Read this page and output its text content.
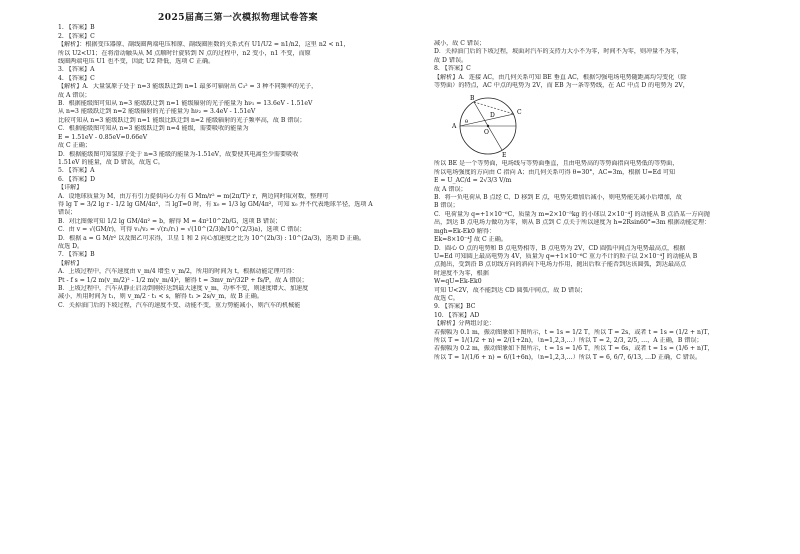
2025届高三第一次模拟物理试卷答案
1. 【答案】B
2. 【答案】C
【解析】：根据变压器原、副线圈两端电压和原、副线圈匝数的关系式有 U1/U2 = n1/n2，这里 n2 < n1，
所以 U2<U1；在将滑动触头从 M 点顺时针旋转到 N 点的过程中，n2 变小，n1 不变，而原
线圈两端电压 U1 也不变，因此 U2 降低，选项 C 正确。
3. 【答案】A
4. 【答案】C
【解析】A．大量氢原子处于 n=3 能级跃迁到 n=1 最多可辐射出 C₃² = 3 种不同频率的光子，
故 A 错误；
B．根据能级图可知从 n=3 能级跃迁到 n=1 能级辐射的光子能量为 hν₁ = 13.6eV - 1.51eV
从 n=3 能级跃迁到 n=2 能级辐射的光子能量为 hν₂ = 3.4eV - 1.51eV
比较可知从 n=3 能级跃迁到 n=1 能级比跃迁到 n=2 能级辐射的光子频率高，故 B 错误；
C．根据能级图可知从 n=3 能级跃迁到 n=4 能级，需要吸收的能量为
E = 1.51eV - 0.85eV=0.66eV
故 C 正确；
D．根据能级图可知氢原子处于 n=3 能级的能量为-1.51eV，故要使其电离至少需要吸收
1.51eV 的能量，故 D 错误，故选 C。
5. 【答案】A
6. 【答案】D
【详解】
A．设地球质量为 M，由万有引力提供向心力有 G Mm/r² = m(2π/T)² r，两边同时取对数，整理可
得 lg T = 3/2 lg r - 1/2 lg GM/4π²，当 lgT=0 时，有 x₀ = 1/3 lg GM/4π²，可知 x₀ 并不代表地球半径，选项 A
错误；
B．对比图像可知 1/2 lg GM/4π² = b，解得 M = 4π²10^2b/G，选项 B 错误；
C．由 v = √(GM/r)，可得 v₁/v₂ = √(r₂/r₁) = √(10^(2/3)b/10^(2/3)a)，选项 C 错误；
D．根据 a = G M/r² 以及图乙可求得，卫星 1 和 2 向心加速度之比为 10^(2b/3) : 10^(2a/3)，选项 D 正确。
故选 D。
7. 【答案】B
【解析】
A．上坡过程中，汽车速度由 v_m/4 增至 v_m/2，所用的时间为 t，根据动能定理可得：
Pt - f s = 1/2 m(v_m/2)² - 1/2 m(v_m/4)²，解得 t = 3mv_m²/32P + fs/P，故 A 错误；
B．上坡过程中，汽车从静止启动到刚好达到最大速度 v_m，功率不变，则速度增大、加速度
减小，所用时间为 t₁，则 v_m/2 · t₁ < s，解得 t₁ > 2s/v_m，故 B 正确。
C．关掉油门后的下坡过程，汽车的速度不变、动能不变，重力势能减小，则汽车的机械能
减小，故 C 错误；
D．关掉油门后的下坡过程，坡面对汽车的支持力大小不为零，时间不为零，则冲量不为零，
故 D 错误。
8. 【答案】C
【解析】A．连接 AC，由几何关系可知 BE 垂直 AC，根据匀强电场电势随距离均匀变化（除
等势面）的特点，AC 中点的电势为 2V，而 EB 为一条等势线，在 AC 中点 D 的电势为 2V，
A
B
C
D
E
O
θ
所以 BE 是一个等势面，电场线与等势面垂直，且由电势高的等势面指向电势低的等势面，
所以电场强度的方向由 C 指向 A；由几何关系可得 θ=30°，AC=3m，根据 U=Ed 可知
E = U_AC/d = 2√3/3 V/m
故 A 错误；
B．将一负电荷从 B 点经 C、D 移到 E 点，电势先增加后减小，则电势能先减小后增加，故
B 错误；
C．电荷量为 q=+1×10⁻⁶C，质量为 m=2×10⁻⁵kg 的小球以 2×10⁻⁴J 的动能从 B 点沿某一方向抛
出，到达 B 点电场力做功为零，则从 B 点到 C 点关于所以速度为 h=2Rsin60°=3m 根据动能定理：
mgh=Ek-Ek0 解得：
Ek=8×10⁻⁴J 故 C 正确。
D．圆心 O 点的电势和 B 点电势相等，B 点电势为 2V，CD 圆弧中间点为电势最高点，根据
U=Ed 可知圆上最高电势为 4V，质量为 q=+1×10⁻⁶C 重力不计的粒子以 2×10⁻⁴J 的动能从 B
点抛出，受到沿 B 点切线方向的斜向下电场力作用，抛出后粒子能否到达该圆弧，到达最高点
时速度不为零，根据
W=qU=Ek-Ek0
可知 U<2V，故不能到达 CD 圆弧中间点，故 D 错误；
故选 C。
9. 【答案】BC
10. 【答案】AD
【解析】分两组讨论：
若振幅为 0.1 m，振动图象如下图所示，t = 1s = 1/2 T，所以 T = 2s，或者 t = 1s = (1/2 + n)T，
所以 T = 1/(1/2 + n) = 2/(1+2n)，（n=1,2,3,…）所以 T = 2, 2/3, 2/5, …，A 正确，B 错误；
若振幅为 0.2 m，振动图象如下图所示，t = 1s = 1/6 T，所以 T = 6s，或者 t = 1s = (1/6 + n)T，
所以 T = 1/(1/6 + n) = 6/(1+6n)，（n=1,2,3,…）所以 T = 6, 6/7, 6/13, …D 正确，C 错误。
